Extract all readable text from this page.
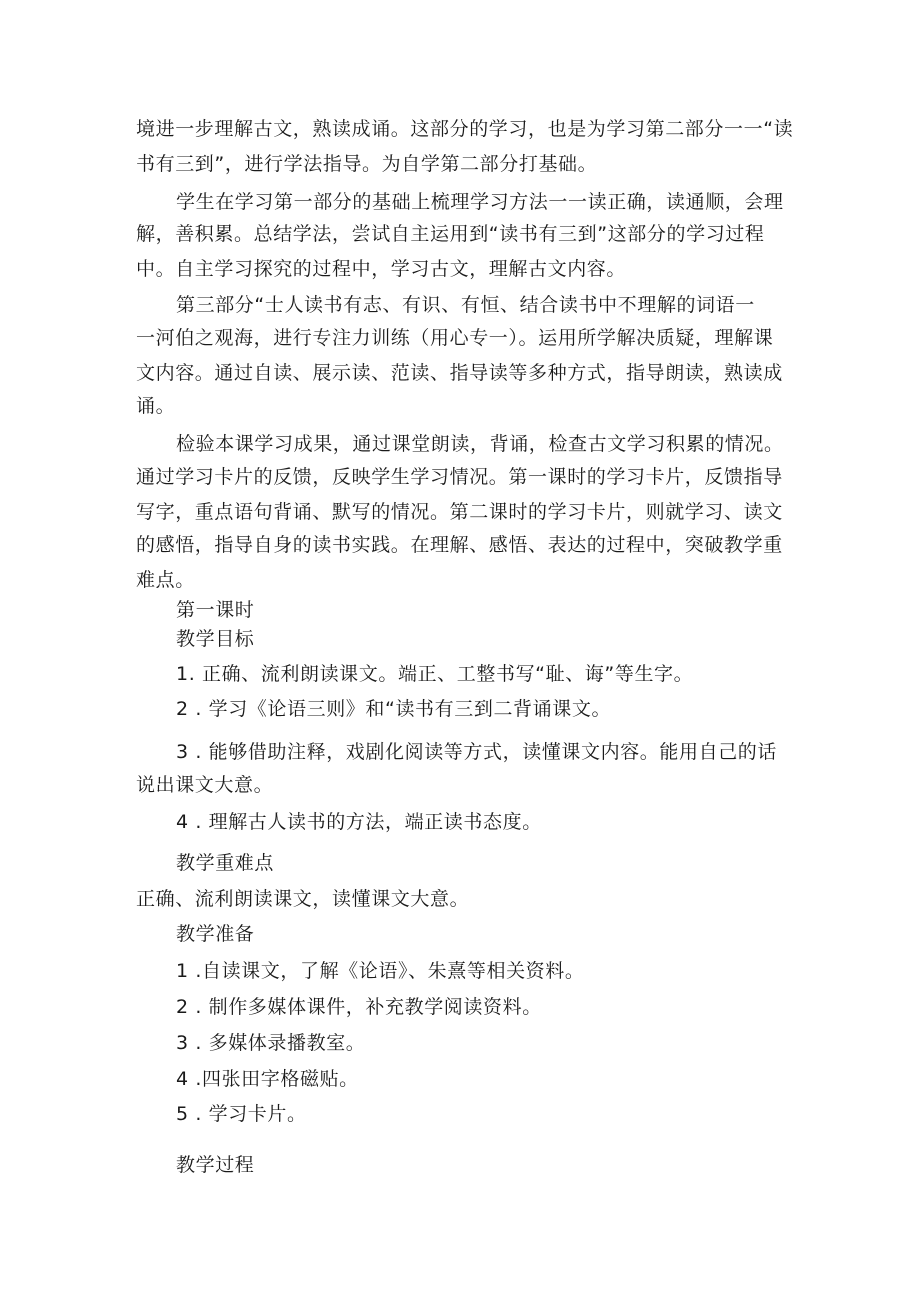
境进一步理解古文，熟读成诵。这部分的学习，也是为学习第二部分一一“读
书有三到”，进行学法指导。为自学第二部分打基础。
学生在学习第一部分的基础上梳理学习方法一一读正确，读通顺，会理
解，善积累。总结学法，尝试自主运用到“读书有三到”这部分的学习过程
中。自主学习探究的过程中，学习古文，理解古文内容。
第三部分“士人读书有志、有识、有恒、结合读书中不理解的词语一
一河伯之观海，进行专注力训练（用心专一）。运用所学解决质疑，理解课
文内容。通过自读、展示读、范读、指导读等多种方式，指导朗读，熟读成
诵。
检验本课学习成果，通过课堂朗读，背诵，检查古文学习积累的情况。
通过学习卡片的反馈，反映学生学习情况。第一课时的学习卡片，反馈指导
写字，重点语句背诵、默写的情况。第二课时的学习卡片，则就学习、读文
的感悟，指导自身的读书实践。在理解、感悟、表达的过程中，突破教学重
难点。
第一课时
教学目标
1. 正确、流利朗读课文。端正、工整书写“耻、诲”等生字。
2 . 学习《论语三则》和“读书有三到二背诵课文。
3 . 能够借助注释，戏剧化阅读等方式，读懂课文内容。能用自己的话
说出课文大意。
4 . 理解古人读书的方法，端正读书态度。
教学重难点
正确、流利朗读课文，读懂课文大意。
教学准备
1 .自读课文，了解《论语》、朱熹等相关资料。
2 . 制作多媒体课件，补充教学阅读资料。
3 . 多媒体录播教室。
4 .四张田字格磁贴。
5 . 学习卡片。
教学过程
